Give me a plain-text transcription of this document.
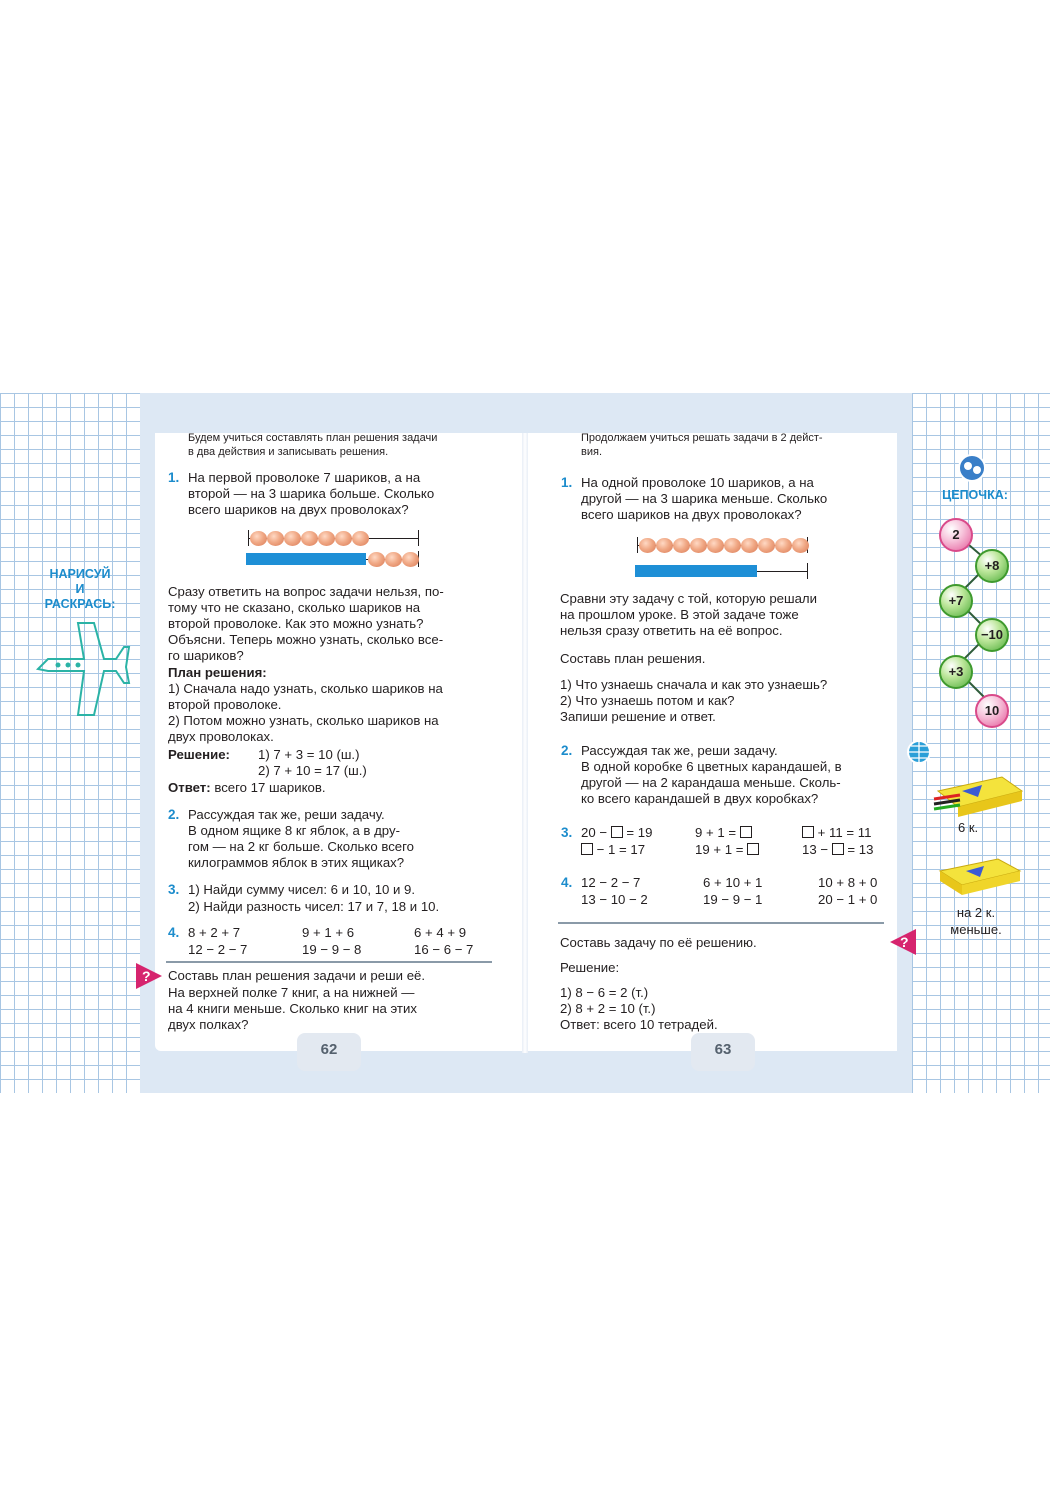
НАРИСУЙ
И
РАСКРАСЬ:
ЦЕПОЧКА:
2
+8
+7
−10
+3
10
6 к.
на 2 к.
меньше.
?
?
Будем учиться составлять план решения задачи
в два действия и записывать решения.
1. На первой проволоке 7 шариков, а на
второй — на 3 шарика больше. Сколько
всего шариков на двух проволоках?
Сразу ответить на вопрос задачи нельзя, по-
тому что не сказано, сколько шариков на
второй проволоке. Как это можно узнать?
Объясни. Теперь можно узнать, сколько все-
го шариков?
План решения:
1) Сначала надо узнать, сколько шариков на
второй проволоке.
2) Потом можно узнать, сколько шариков на
двух проволоках.
Решение: 1) 7 + 3 = 10 (ш.)
2) 7 + 10 = 17 (ш.)
Ответ: всего 17 шариков.
2. Рассуждая так же, реши задачу.
В одном ящике 8 кг яблок, а в дру-
гом — на 2 кг больше. Сколько всего
килограммов яблок в этих ящиках?
3. 1) Найди сумму чисел: 6 и 10, 10 и 9.
2) Найди разность чисел: 17 и 7, 18 и 10.
4. 8 + 2 + 7	9 + 1 + 6	6 + 4 + 9
12 − 2 − 7	19 − 9 − 8	16 − 6 − 7
Составь план решения задачи и реши её.
На верхней полке 7 книг, а на нижней —
на 4 книги меньше. Сколько книг на этих
двух полках?
62
Продолжаем учиться решать задачи в 2 дейст-
вия.
1. На одной проволоке 10 шариков, а на
другой — на 3 шарика меньше. Сколько
всего шариков на двух проволоках?
Сравни эту задачу с той, которую решали
на прошлом уроке. В этой задаче тоже
нельзя сразу ответить на её вопрос.
Составь план решения.
1) Что узнаешь сначала и как это узнаешь?
2) Что узнаешь потом и как?
Запиши решение и ответ.
2. Рассуждая так же, реши задачу.
В одной коробке 6 цветных карандашей, в
другой — на 2 карандаша меньше. Сколь-
ко всего карандашей в двух коробках?
3. 20 −  = 19	9 + 1 =	+ 11 = 11
− 1 = 17	19 + 1 =	13 −  = 13
4. 12 − 2 − 7	6 + 10 + 1	10 + 8 + 0
13 − 10 − 2	19 − 9 − 1	20 − 1 + 0
Составь задачу по её решению.
Решение:
1) 8 − 6 = 2 (т.)
2) 8 + 2 = 10 (т.)
Ответ: всего 10 тетрадей.
63
